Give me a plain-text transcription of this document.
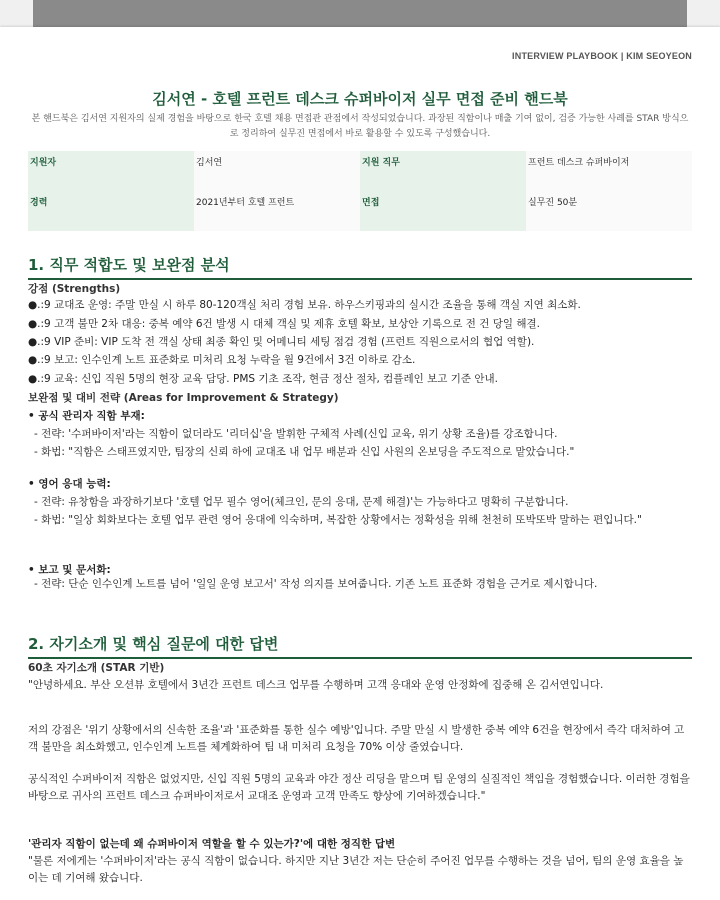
INTERVIEW PLAYBOOK | KIM SEOYEON
김서연 - 호텔 프런트 데스크 슈퍼바이저 실무 면접 준비 핸드북
본 핸드북은 김서연 지원자의 실제 경험을 바탕으로 한국 호텔 채용 면접관 관점에서 작성되었습니다. 과장된 직함이나 매출 기여 없이, 검증 가능한 사례를 STAR 방식으로 정리하여 실무진 면접에서 바로 활용할 수 있도록 구성했습니다.
지원자	김서연	지원 직무	프런트 데스크 슈퍼바이저
경력	2021년부터 호텔 프런트	면접	실무진 50분
1. 직무 적합도 및 보완점 분석
강점 (Strengths)
●.:9 교대조 운영: 주말 만실 시 하루 80-120객실 처리 경험 보유. 하우스키핑과의 실시간 조율을 통해 객실 지연 최소화.
●.:9 고객 불만 2차 대응: 중복 예약 6건 발생 시 대체 객실 및 제휴 호텔 확보, 보상안 기록으로 전 건 당일 해결.
●.:9 VIP 준비: VIP 도착 전 객실 상태 최종 확인 및 어메니티 세팅 점검 경험 (프런트 직원으로서의 협업 역할).
●.:9 보고: 인수인계 노트 표준화로 미처리 요청 누락을 월 9건에서 3건 이하로 감소.
●.:9 교육: 신입 직원 5명의 현장 교육 담당. PMS 기초 조작, 현금 정산 절차, 컴플레인 보고 기준 안내.
보완점 및 대비 전략 (Areas for Improvement & Strategy)
• 공식 관리자 직함 부재:
- 전략: '수퍼바이저'라는 직함이 없더라도 '리더십'을 발휘한 구체적 사례(신입 교육, 위기 상황 조율)를 강조합니다.
- 화법: "직함은 스태프였지만, 팀장의 신뢰 하에 교대조 내 업무 배분과 신입 사원의 온보딩을 주도적으로 맡았습니다."
• 영어 응대 능력:
- 전략: 유창함을 과장하기보다 '호텔 업무 필수 영어(체크인, 문의 응대, 문제 해결)'는 가능하다고 명확히 구분합니다.
- 화법: "일상 회화보다는 호텔 업무 관련 영어 응대에 익숙하며, 복잡한 상황에서는 정확성을 위해 천천히 또박또박 말하는 편입니다."
• 보고 및 문서화:
- 전략: 단순 인수인계 노트를 넘어 '일일 운영 보고서' 작성 의지를 보여줍니다. 기존 노트 표준화 경험을 근거로 제시합니다.
2. 자기소개 및 핵심 질문에 대한 답변
60초 자기소개 (STAR 기반)
"안녕하세요. 부산 오션뷰 호텔에서 3년간 프런트 데스크 업무를 수행하며 고객 응대와 운영 안정화에 집중해 온 김서연입니다.
저의 강점은 '위기 상황에서의 신속한 조율'과 '표준화를 통한 실수 예방'입니다. 주말 만실 시 발생한 중복 예약 6건을 현장에서 즉각 대처하여 고객 불만을 최소화했고, 인수인계 노트를 체계화하여 팀 내 미처리 요청을 70% 이상 줄였습니다.
공식적인 수퍼바이저 직함은 없었지만, 신입 직원 5명의 교육과 야간 정산 리딩을 맡으며 팀 운영의 실질적인 책임을 경험했습니다. 이러한 경험을 바탕으로 귀사의 프런트 데스크 슈퍼바이저로서 교대조 운영과 고객 만족도 향상에 기여하겠습니다."
'관리자 직함이 없는데 왜 슈퍼바이저 역할을 할 수 있는가?'에 대한 정직한 답변
"물론 저에게는 '수퍼바이저'라는 공식 직함이 없습니다. 하지만 지난 3년간 저는 단순히 주어진 업무를 수행하는 것을 넘어, 팀의 운영 효율을 높이는 데 기여해 왔습니다.
